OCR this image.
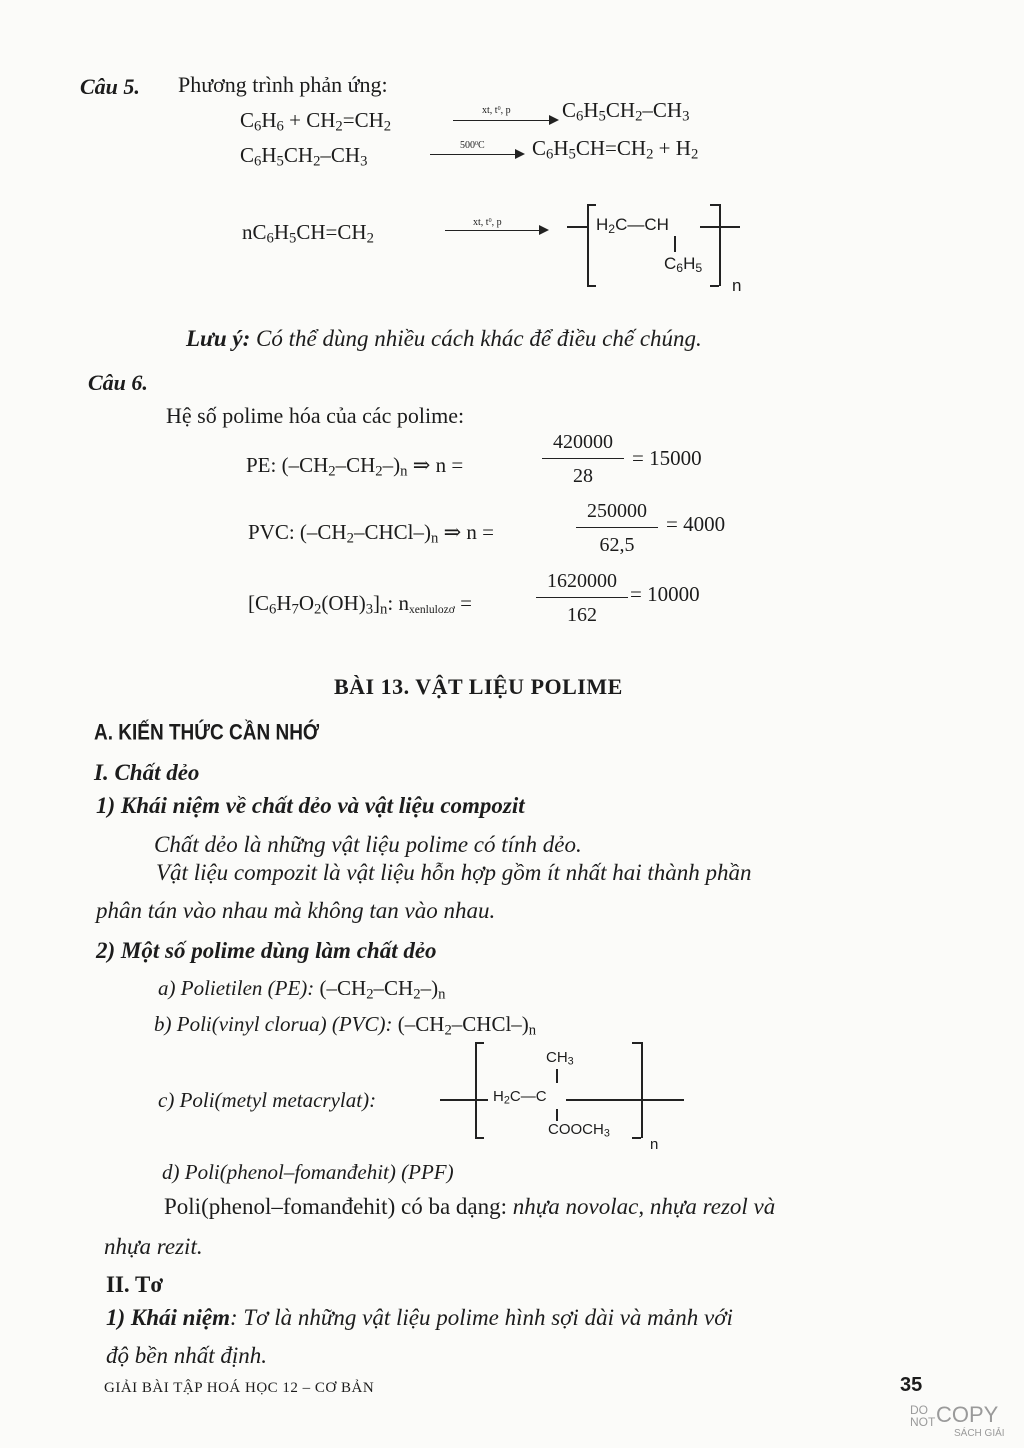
Câu 5. Phương trình phản ứng:
$C_6H_6 + CH_2=CH_2$
xt, $t^0$, p $C_6H_5CH_2-CH_3$
$C_6H_5CH_2-CH_3$
$500^0C$ $C_6H_5CH=CH_2 + H_2$
$nC_6H_5CH=CH_2$
xt, $t^0$, p	$H_2C—CH$
$C_6H_5$
n
Lưu ý: Có thể dùng nhiều cách khác để điều chế chúng.
Câu 6.
Hệ số polime hóa của các polime:
PE: $(-CH_2-CH_2-)_n$ ⇒ n =	$\frac{420000}{28} = 15000$
PVC: $(-CH_2-CHCl-)_n$ ⇒ n =	$\frac{250000}{62,5} = 4000$
$[C_6H_7O_2(OH)_3]_n$: $n_{xenlulozơ}$ =	$\frac{1620000}{162} = 10000$
BÀI 13. VẬT LIỆU POLIME
A. KIẾN THỨC CẦN NHỚ
I. Chất dẻo
1) Khái niệm về chất dẻo và vật liệu compozit
Chất dẻo là những vật liệu polime có tính dẻo.
Vật liệu compozit là vật liệu hỗn hợp gồm ít nhất hai thành phần
phân tán vào nhau mà không tan vào nhau.
2) Một số polime dùng làm chất dẻo
a) Polietilen (PE): $(-CH_2-CH_2-)_n$
b) Poli(vinyl clorua) (PVC): $(-CH_2-CHCl-)_n$
c) Poli(metyl metacrylat):
$CH_3$
$H_2C—C$
$COOCH_3$
n
d) Poli(phenol–fomanđehit) (PPF)
Poli(phenol–fomanđehit) có ba dạng: nhựa novolac, nhựa rezol và
nhựa rezit.
II. Tơ
1) Khái niệm: Tơ là những vật liệu polime hình sợi dài và mảnh với
độ bền nhất định.
GIẢI BÀI TẬP HOÁ HỌC 12 – CƠ BẢN	35
DO
NOT COPY
SÁCH GIẢI
